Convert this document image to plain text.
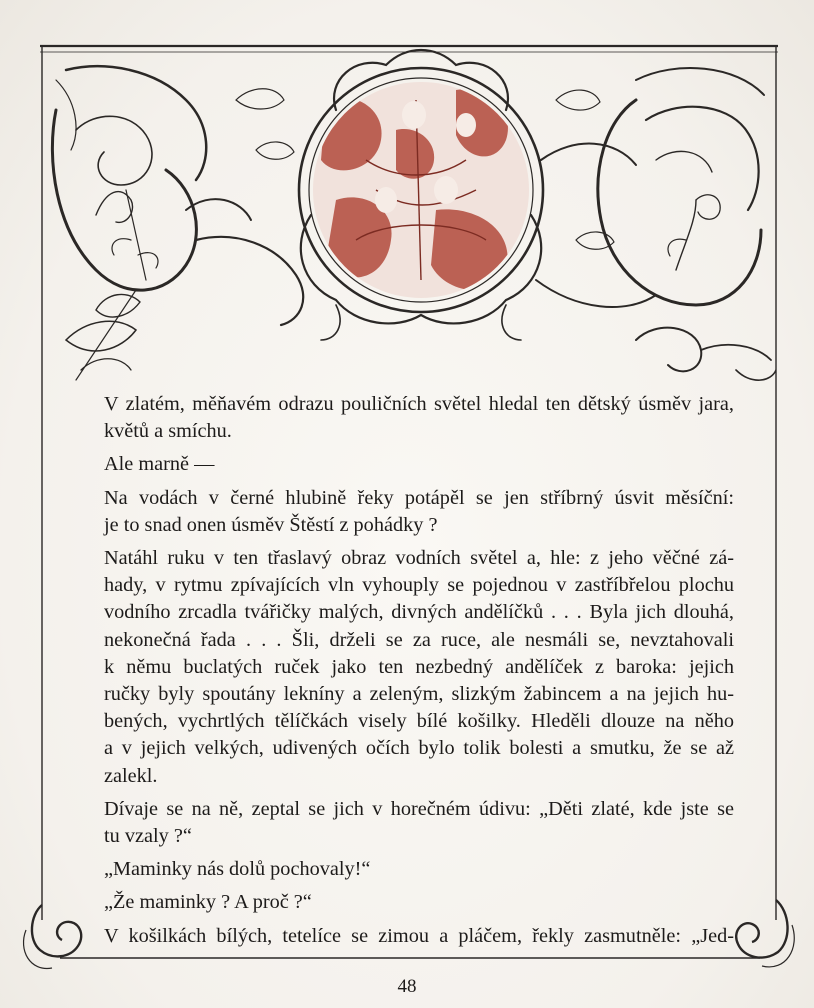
V zlatém, měňavém odrazu pouličních světel hledal ten dětský úsměv jara,
květů a smíchu.

Ale marně —

Na vodách v černé hlubině řeky potápěl se jen stříbrný úsvit měsíční:
je to snad onen úsměv Štěstí z pohádky ?

Natáhl ruku v ten třaslavý obraz vodních světel a, hle: z jeho věčné zá-
hady, v rytmu zpívajících vln vyhouply se pojednou v zastříbřelou plochu
vodního zrcadla tvářičky malých, divných andělíčků . . . Byla jich dlouhá,
nekonečná řada . . . Šli, drželi se za ruce, ale nesmáli se, nevztahovali
k němu buclatých ruček jako ten nezbedný andělíček z baroka: jejich
ručky byly spoutány lekníny a zeleným, slizkým žabincem a na jejich hu-
bených, vychrtlých tělíčkách visely bílé košilky. Hleděli dlouze na něho
a v jejich velkých, udivených očích bylo tolik bolesti a smutku, že se až
zalekl.

Dívaje se na ně, zeptal se jich v horečném údivu: „Děti zlaté, kde jste se
tu vzaly ?“

„Maminky nás dolů pochovaly!“

„Že maminky ? A proč ?“

V košilkách bílých, tetelíce se zimou a pláčem, řekly zasmutněle: „Jed-

48
